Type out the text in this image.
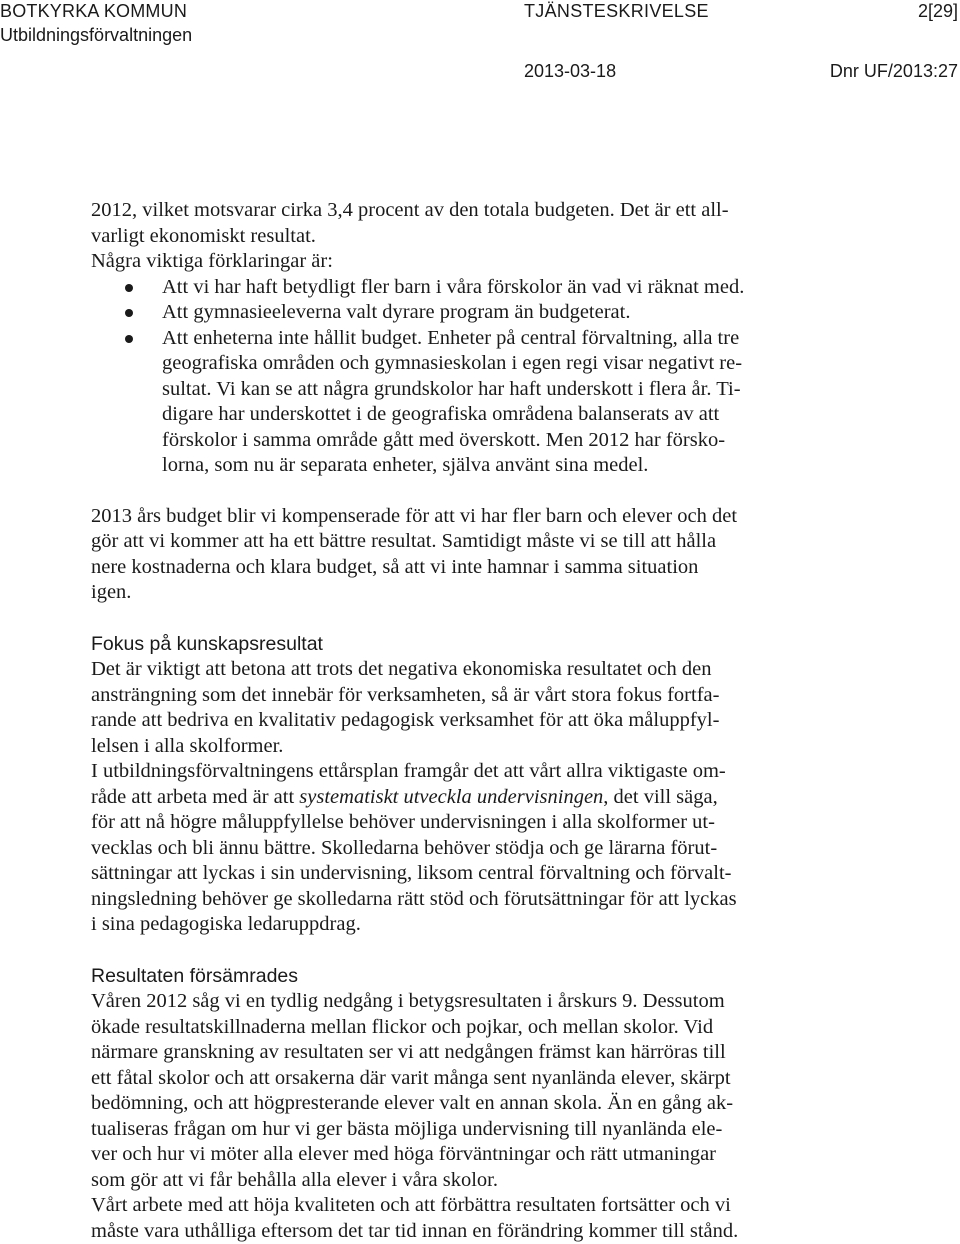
BOTKYRKA KOMMUN	TJÄNSTESKRIVELSE	2[29]
Utbildningsförvaltningen
2013-03-18	Dnr UF/2013:27

2012, vilket motsvarar cirka 3,4 procent av den totala budgeten. Det är ett all-
varligt ekonomiskt resultat.
Några viktiga förklaringar är:

Att vi har haft betydligt fler barn i våra förskolor än vad vi räknat med.
Att gymnasieeleverna valt dyrare program än budgeterat.
Att enheterna inte hållit budget. Enheter på central förvaltning, alla tre
geografiska områden och gymnasieskolan i egen regi visar negativt re-
sultat. Vi kan se att några grundskolor har haft underskott i flera år. Ti-
digare har underskottet i de geografiska områdena balanserats av att
förskolor i samma område gått med överskott. Men 2012 har försko-
lorna, som nu är separata enheter, själva använt sina medel.

2013 års budget blir vi kompenserade för att vi har fler barn och elever och det
gör att vi kommer att ha ett bättre resultat. Samtidigt måste vi se till att hålla
nere kostnaderna och klara budget, så att vi inte hamnar i samma situation
igen.

Fokus på kunskapsresultat

Det är viktigt att betona att trots det negativa ekonomiska resultatet och den
ansträngning som det innebär för verksamheten, så är vårt stora fokus fortfa-
rande att bedriva en kvalitativ pedagogisk verksamhet för att öka måluppfyl-
lelsen i alla skolformer.

I utbildningsförvaltningens ettårsplan framgår det att vårt allra viktigaste om-
råde att arbeta med är att systematiskt utveckla undervisningen, det vill säga,
för att nå högre måluppfyllelse behöver undervisningen i alla skolformer ut-
vecklas och bli ännu bättre. Skolledarna behöver stödja och ge lärarna förut-
sättningar att lyckas i sin undervisning, liksom central förvaltning och förvalt-
ningsledning behöver ge skolledarna rätt stöd och förutsättningar för att lyckas
i sina pedagogiska ledaruppdrag.

Resultaten försämrades

Våren 2012 såg vi en tydlig nedgång i betygsresultaten i årskurs 9. Dessutom
ökade resultatskillnaderna mellan flickor och pojkar, och mellan skolor. Vid
närmare granskning av resultaten ser vi att nedgången främst kan härröras till
ett fåtal skolor och att orsakerna där varit många sent nyanlända elever, skärpt
bedömning, och att högpresterande elever valt en annan skola. Än en gång ak-
tualiseras frågan om hur vi ger bästa möjliga undervisning till nyanlända ele-
ver och hur vi möter alla elever med höga förväntningar och rätt utmaningar
som gör att vi får behålla alla elever i våra skolor.

Vårt arbete med att höja kvaliteten och att förbättra resultaten fortsätter och vi
måste vara uthålliga eftersom det tar tid innan en förändring kommer till stånd.
